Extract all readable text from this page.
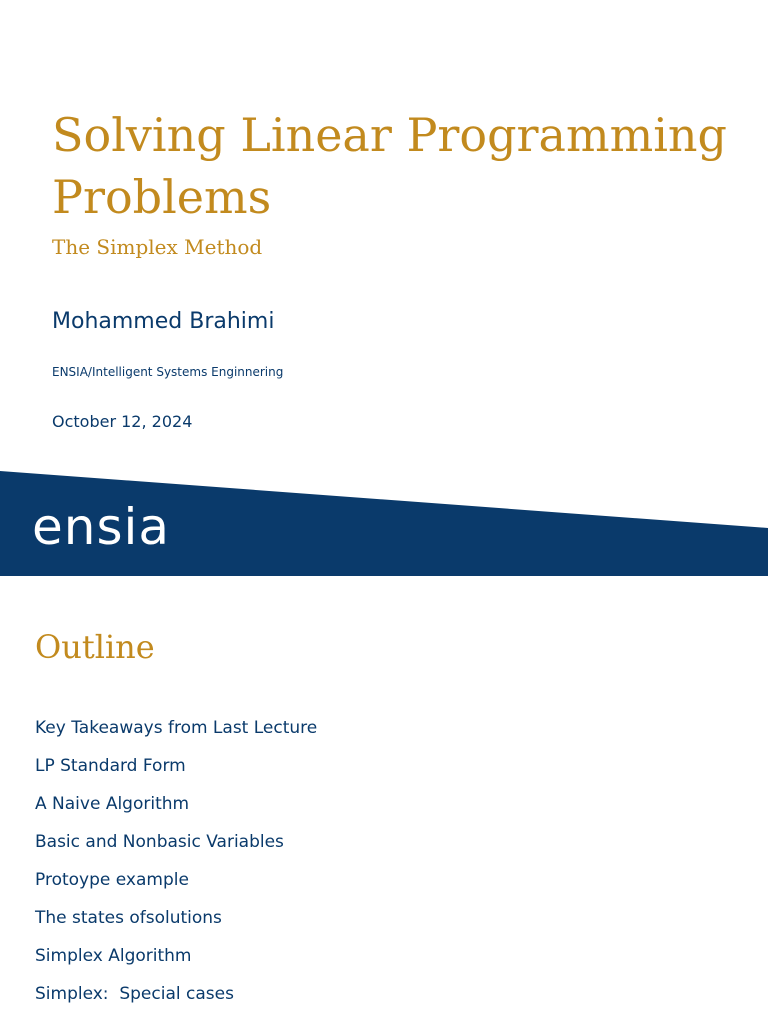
Solving Linear Programming Problems
The Simplex Method
Mohammed Brahimi
ENSIA/Intelligent Systems Enginnering
October 12, 2024
ensia
Outline
Key Takeaways from Last Lecture
LP Standard Form
A Naive Algorithm
Basic and Nonbasic Variables
Protoype example
The states ofsolutions
Simplex Algorithm
Simplex:  Special cases
